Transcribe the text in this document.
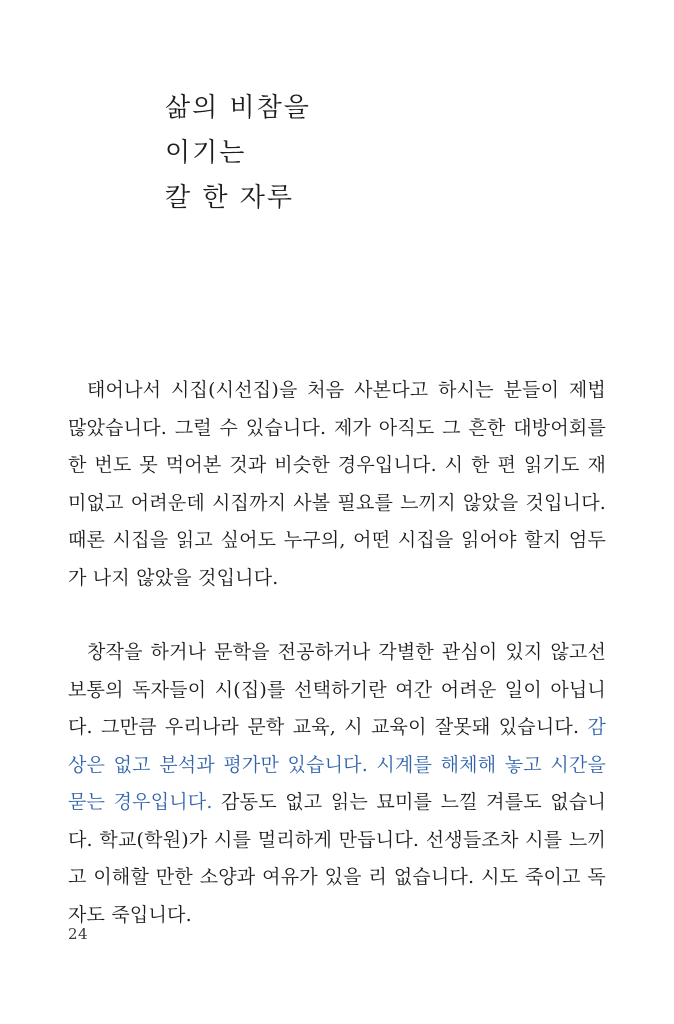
삶의 비참을
이기는
칼 한 자루

태어나서 시집(시선집)을 처음 사본다고 하시는 분들이 제법 많았습니다. 그럴 수 있습니다. 제가 아직도 그 흔한 대방어회를 한 번도 못 먹어본 것과 비슷한 경우입니다. 시 한 편 읽기도 재미없고 어려운데 시집까지 사볼 필요를 느끼지 않았을 것입니다. 때론 시집을 읽고 싶어도 누구의, 어떤 시집을 읽어야 할지 엄두가 나지 않았을 것입니다.

창작을 하거나 문학을 전공하거나 각별한 관심이 있지 않고선 보통의 독자들이 시(집)를 선택하기란 여간 어려운 일이 아닙니다. 그만큼 우리나라 문학 교육, 시 교육이 잘못돼 있습니다. 감상은 없고 분석과 평가만 있습니다. 시계를 해체해 놓고 시간을 묻는 경우입니다. 감동도 없고 읽는 묘미를 느낄 겨를도 없습니다. 학교(학원)가 시를 멀리하게 만듭니다. 선생들조차 시를 느끼고 이해할 만한 소양과 여유가 있을 리 없습니다. 시도 죽이고 독자도 죽입니다.

24
